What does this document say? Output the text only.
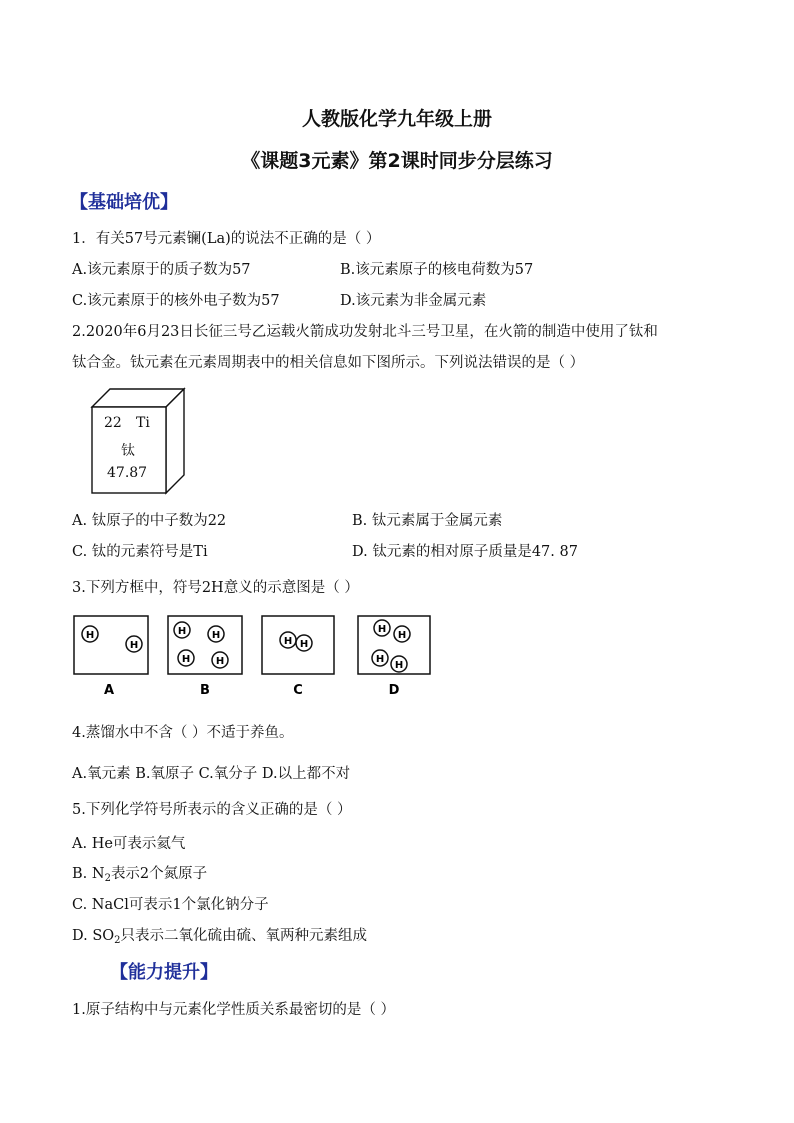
人教版化学九年级上册
《课题3元素》第2课时同步分层练习
【基础培优】
1．有关57号元素镧(La)的说法不正确的是（ ）
A.该元素原于的质子数为57	B.该元素原子的核电荷数为57
C.该元素原于的核外电子数为57	D.该元素为非金属元素
2.2020年6月23日长征三号乙运载火箭成功发射北斗三号卫星，在火箭的制造中使用了钛和
钛合金。钛元素在元素周期表中的相关信息如下图所示。下列说法错误的是（ ）
22 Ti
钛
47.87
A. 钛原子的中子数为22	B. 钛元素属于金属元素
C. 钛的元素符号是Ti	D. 钛元素的相对原子质量是47. 87
3.下列方框中，符号2H意义的示意图是（ ）
H
H
A
H	H
H	H
B
H H
C
H
H
H
H
D
4.蒸馏水中不含（ ）不适于养鱼。
A.氧元素 B.氧原子 C.氧分子 D.以上都不对
5.下列化学符号所表示的含义正确的是（ ）
A. He可表示氦气
B. $N_2$表示2个氮原子
C. NaCl可表示1个氯化钠分子
D. $SO_2$只表示二氧化硫由硫、氧两种元素组成
【能力提升】
1.原子结构中与元素化学性质关系最密切的是（ ）
